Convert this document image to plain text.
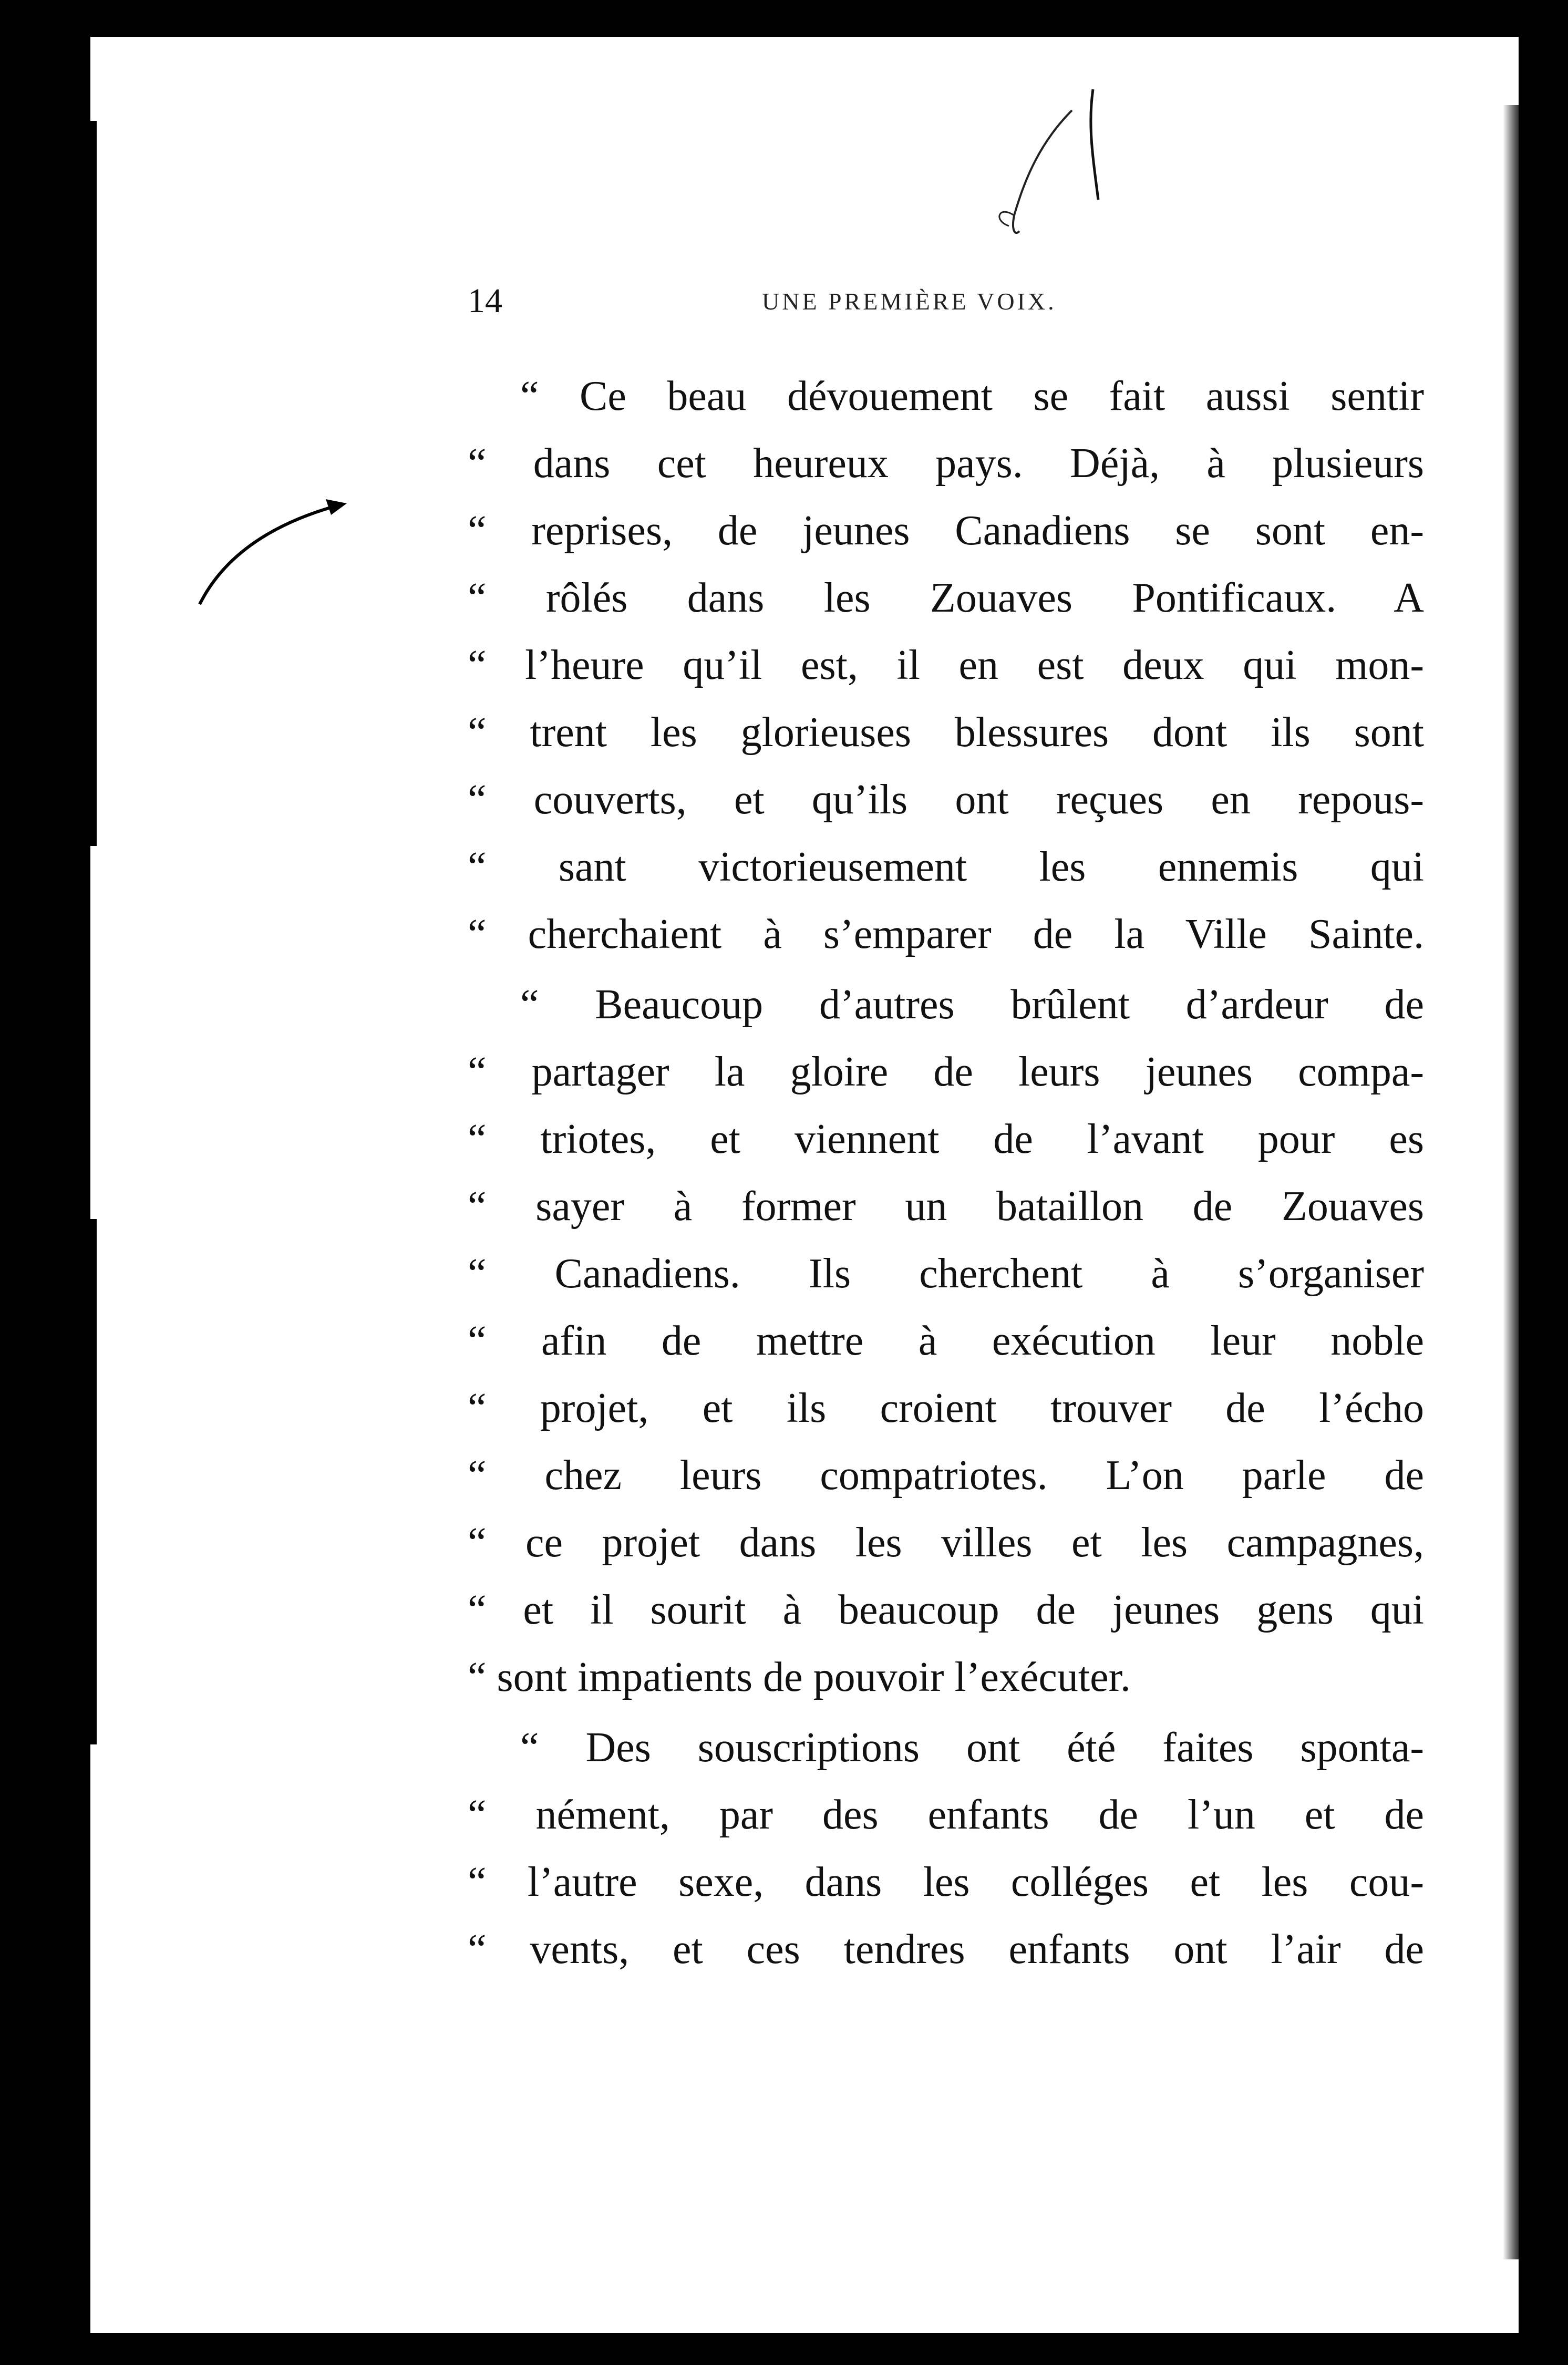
14	UNE PREMIÈRE VOIX.
“ Ce beau dévouement se fait aussi sentir
“ dans cet heureux pays. Déjà, à plusieurs
“ reprises, de jeunes Canadiens se sont en-
“ rôlés dans les Zouaves Pontificaux. A
“ l’heure qu’il est, il en est deux qui mon-
“ trent les glorieuses blessures dont ils sont
“ couverts, et qu’ils ont reçues en repous-
“ sant victorieusement les ennemis qui
“ cherchaient à s’emparer de la Ville Sainte.
“ Beaucoup d’autres brûlent d’ardeur de
“ partager la gloire de leurs jeunes compa-
“ triotes, et viennent de l’avant pour es
“ sayer à former un bataillon de Zouaves
“ Canadiens. Ils cherchent à s’organiser
“ afin de mettre à exécution leur noble
“ projet, et ils croient trouver de l’écho
“ chez leurs compatriotes. L’on parle de
“ ce projet dans les villes et les campagnes,
“ et il sourit à beaucoup de jeunes gens qui
“ sont impatients de pouvoir l’exécuter.
“ Des souscriptions ont été faites sponta-
“ nément, par des enfants de l’un et de
“ l’autre sexe, dans les colléges et les cou-
“ vents, et ces tendres enfants ont l’air de
